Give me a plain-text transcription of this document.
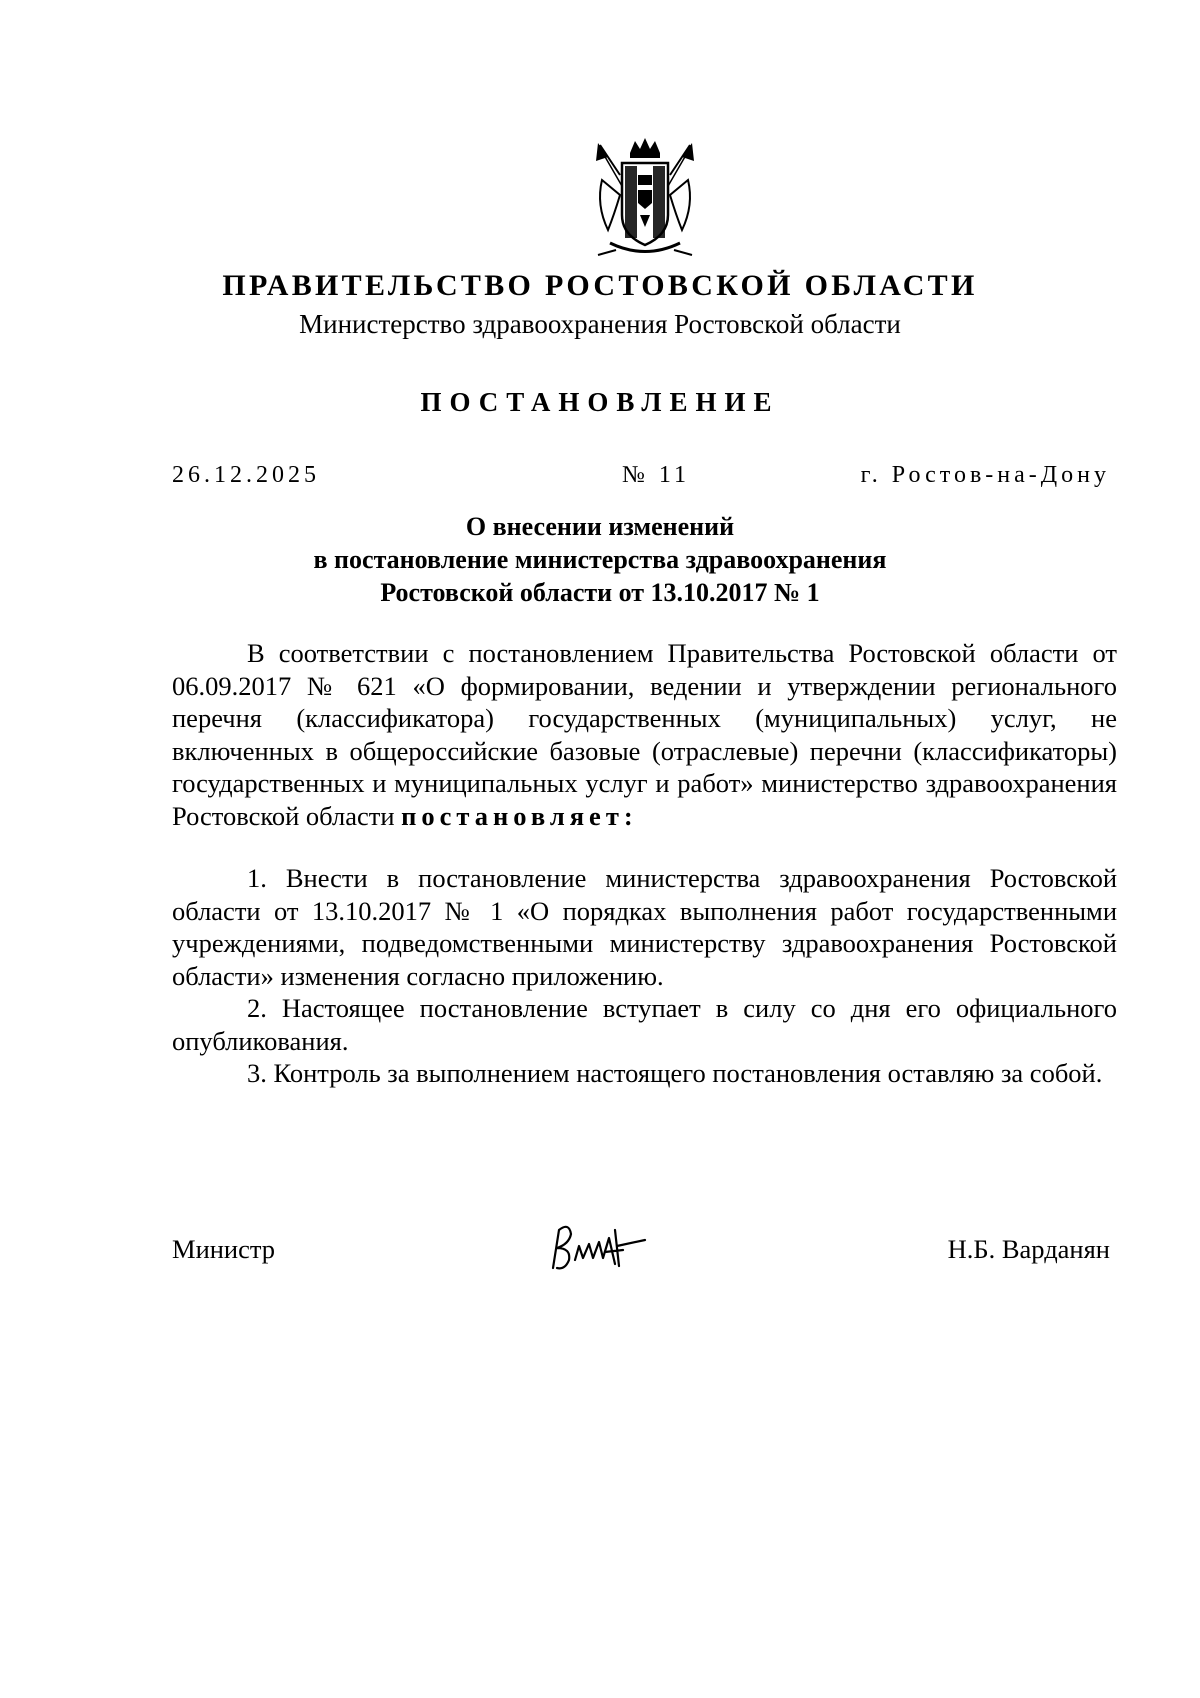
ПРАВИТЕЛЬСТВО РОСТОВСКОЙ ОБЛАСТИ
Министерство здравоохранения Ростовской области
ПОСТАНОВЛЕНИЕ
26.12.2025	№ 11	г. Ростов-на-Дону
О внесении изменений
в постановление министерства здравоохранения
Ростовской области от 13.10.2017 № 1

В соответствии с постановлением Правительства Ростовской области от 06.09.2017 № 621 «О формировании, ведении и утверждении регионального перечня (классификатора) государственных (муниципальных) услуг, не включенных в общероссийские базовые (отраслевые) перечни (классификаторы) государственных и муниципальных услуг и работ» министерство здравоохранения Ростовской области постановляет:

1. Внести в постановление министерства здравоохранения Ростовской области от 13.10.2017 № 1 «О порядках выполнения работ государственными учреждениями, подведомственными министерству здравоохранения Ростовской области» изменения согласно приложению.

2. Настоящее постановление вступает в силу со дня его официального опубликования.

3. Контроль за выполнением настоящего постановления оставляю за собой.

Министр	Н.Б. Варданян
